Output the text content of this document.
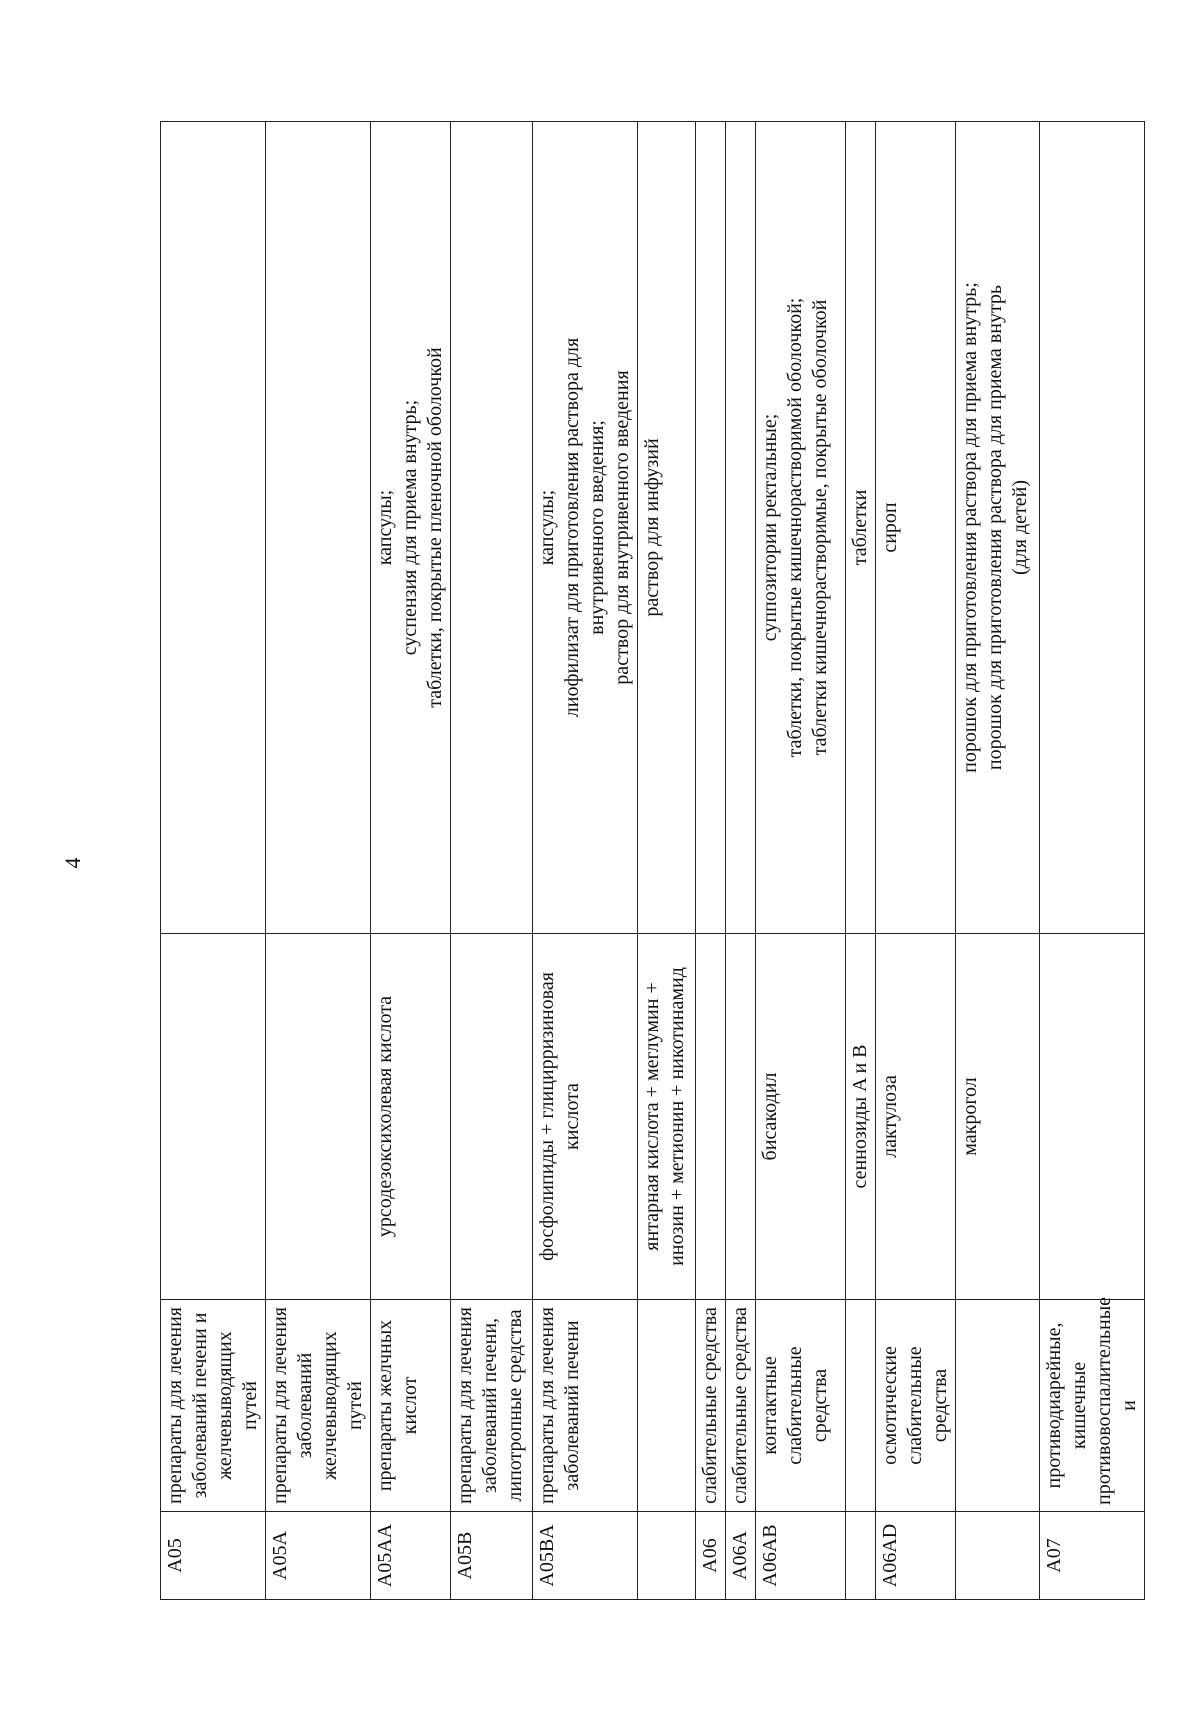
4
A05	препараты для лечения заболеваний печени и желчевыводящих путей		

A05A	препараты для лечения заболеваний желчевыводящих путей		

A05AA	препараты желчных кислот	урсодезоксихолевая кислота	капсулы; суспензия для приема внутрь; таблетки, покрытые пленочной оболочкой

A05B	препараты для лечения заболеваний печени, липотропные средства		

A05BA	препараты для лечения заболеваний печени	фосфолипиды + глицирризиновая кислота	капсулы; лиофилизат для приготовления раствора для внутривенного введения; раствор для внутривенного введения

		янтарная кислота + меглумин + инозин + метионин + никотинамид	раствор для инфузий

A06	слабительные средства		

A06A	слабительные средства		

A06AB	контактные слабительные средства	бисакодил	суппозитории ректальные; таблетки, покрытые кишечнорастворимой оболочкой; таблетки кишечнорастворимые, покрытые оболочкой

		сеннозиды A и B	таблетки

A06AD	осмотические слабительные средства	лактулоза	сироп

		макрогол	порошок для приготовления раствора для приема внутрь; порошок для приготовления раствора для приема внутрь (для детей)

A07	противодиарейные, кишечные противовоспалительные и		
